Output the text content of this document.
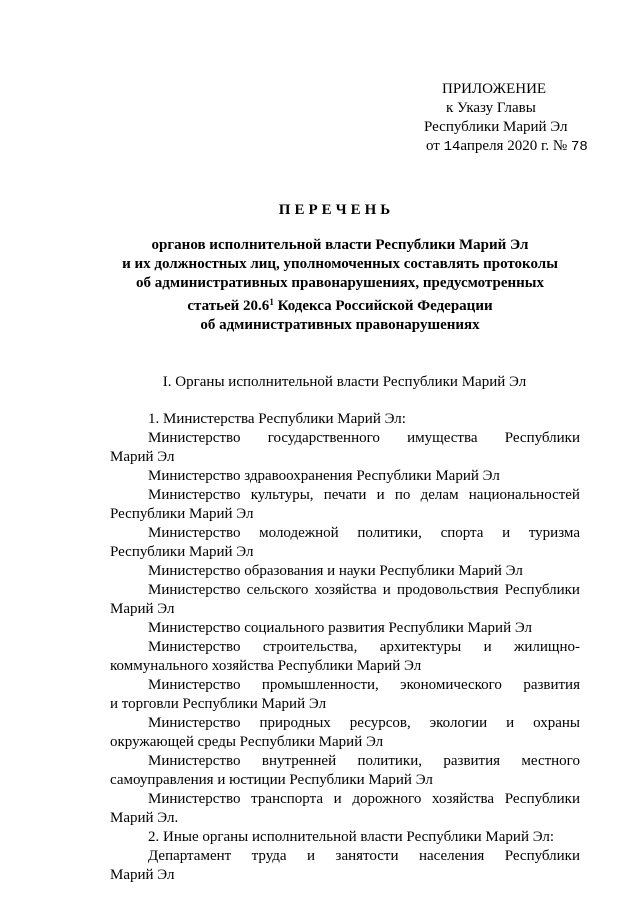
ПРИЛОЖЕНИЕ
к Указу Главы
Республики Марий Эл
от 14апреля 2020 г. № 78
ПЕРЕЧЕНЬ
органов исполнительной власти Республики Марий Эл
и их должностных лиц, уполномоченных составлять протоколы
об административных правонарушениях, предусмотренных
статьей 20.6$^1$ Кодекса Российской Федерации
об административных правонарушениях
I. Органы исполнительной власти Республики Марий Эл
1. Министерства Республики Марий Эл:
Министерство государственного имущества Республики
Марий Эл
Министерство здравоохранения Республики Марий Эл
Министерство культуры, печати и по делам национальностей
Республики Марий Эл
Министерство молодежной политики, спорта и туризма
Республики Марий Эл
Министерство образования и науки Республики Марий Эл
Министерство сельского хозяйства и продовольствия Республики
Марий Эл
Министерство социального развития Республики Марий Эл
Министерство строительства, архитектуры и жилищно-
коммунального хозяйства Республики Марий Эл
Министерство промышленности, экономического развития
и торговли Республики Марий Эл
Министерство природных ресурсов, экологии и охраны
окружающей среды Республики Марий Эл
Министерство внутренней политики, развития местного
самоуправления и юстиции Республики Марий Эл
Министерство транспорта и дорожного хозяйства Республики
Марий Эл.
2. Иные органы исполнительной власти Республики Марий Эл:
Департамент труда и занятости населения Республики
Марий Эл
